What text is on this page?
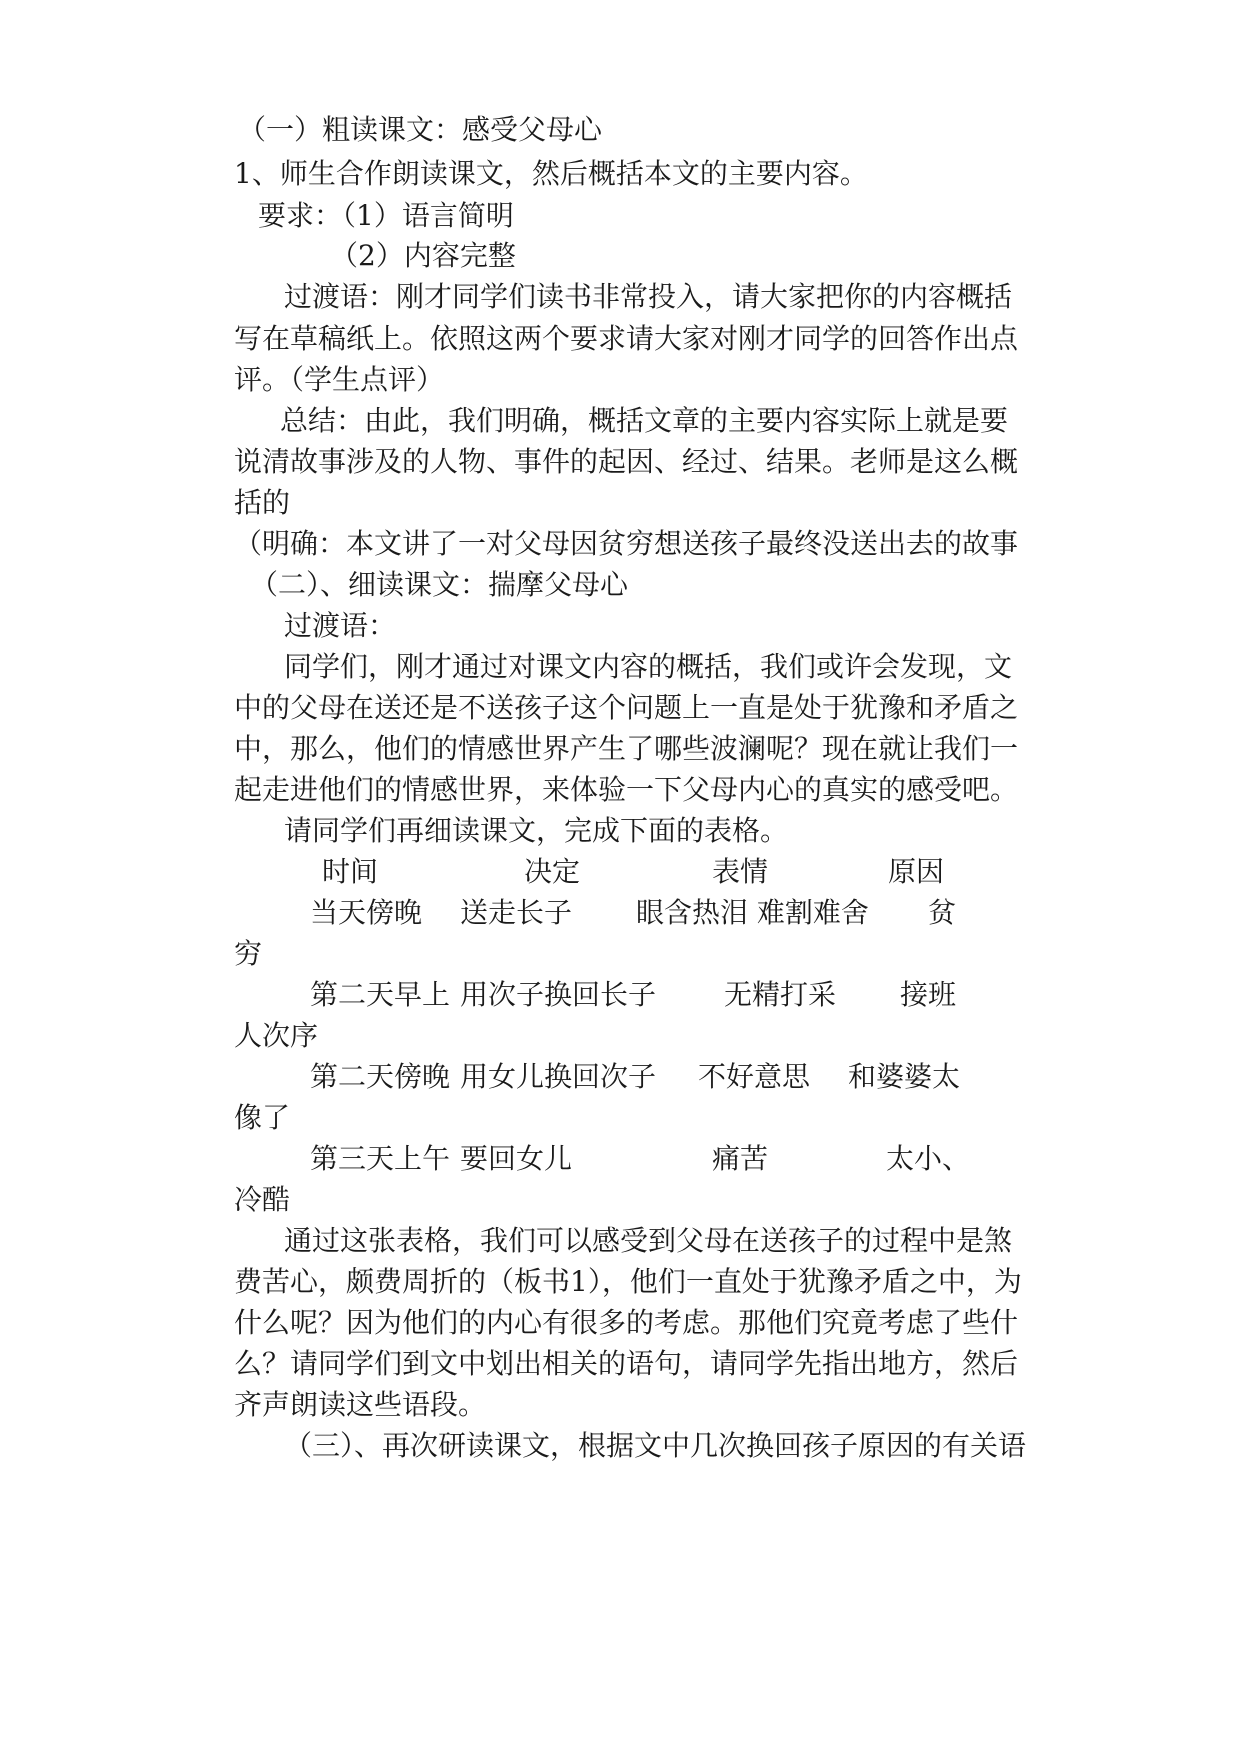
（一）粗读课文：感受父母心
1、师生合作朗读课文，然后概括本文的主要内容。
要求：（1）语言简明
（2）内容完整
过渡语：刚才同学们读书非常投入，请大家把你的内容概括
写在草稿纸上。依照这两个要求请大家对刚才同学的回答作出点
评。（学生点评）
总结：由此，我们明确，概括文章的主要内容实际上就是要
说清故事涉及的人物、事件的起因、经过、结果。老师是这么概
括的
（明确：本文讲了一对父母因贫穷想送孩子最终没送出去的故事
（二）、细读课文：揣摩父母心
过渡语：
同学们，刚才通过对课文内容的概括，我们或许会发现，文
中的父母在送还是不送孩子这个问题上一直是处于犹豫和矛盾之
中，那么，他们的情感世界产生了哪些波澜呢？现在就让我们一
起走进他们的情感世界，来体验一下父母内心的真实的感受吧。
请同学们再细读课文，完成下面的表格。
时间	决定	表情	原因
当天傍晚 送走长子 眼含热泪 难割难舍 贫
穷
第二天早上 用次子换回长子 无精打采 接班
人次序
第二天傍晚 用女儿换回次子 不好意思 和婆婆太
像了
第三天上午 要回女儿	痛苦	太小、
冷酷
通过这张表格，我们可以感受到父母在送孩子的过程中是煞
费苦心，颇费周折的（板书1），他们一直处于犹豫矛盾之中，为
什么呢？因为他们的内心有很多的考虑。那他们究竟考虑了些什
么？请同学们到文中划出相关的语句，请同学先指出地方，然后
齐声朗读这些语段。
（三）、再次研读课文，根据文中几次换回孩子原因的有关语
